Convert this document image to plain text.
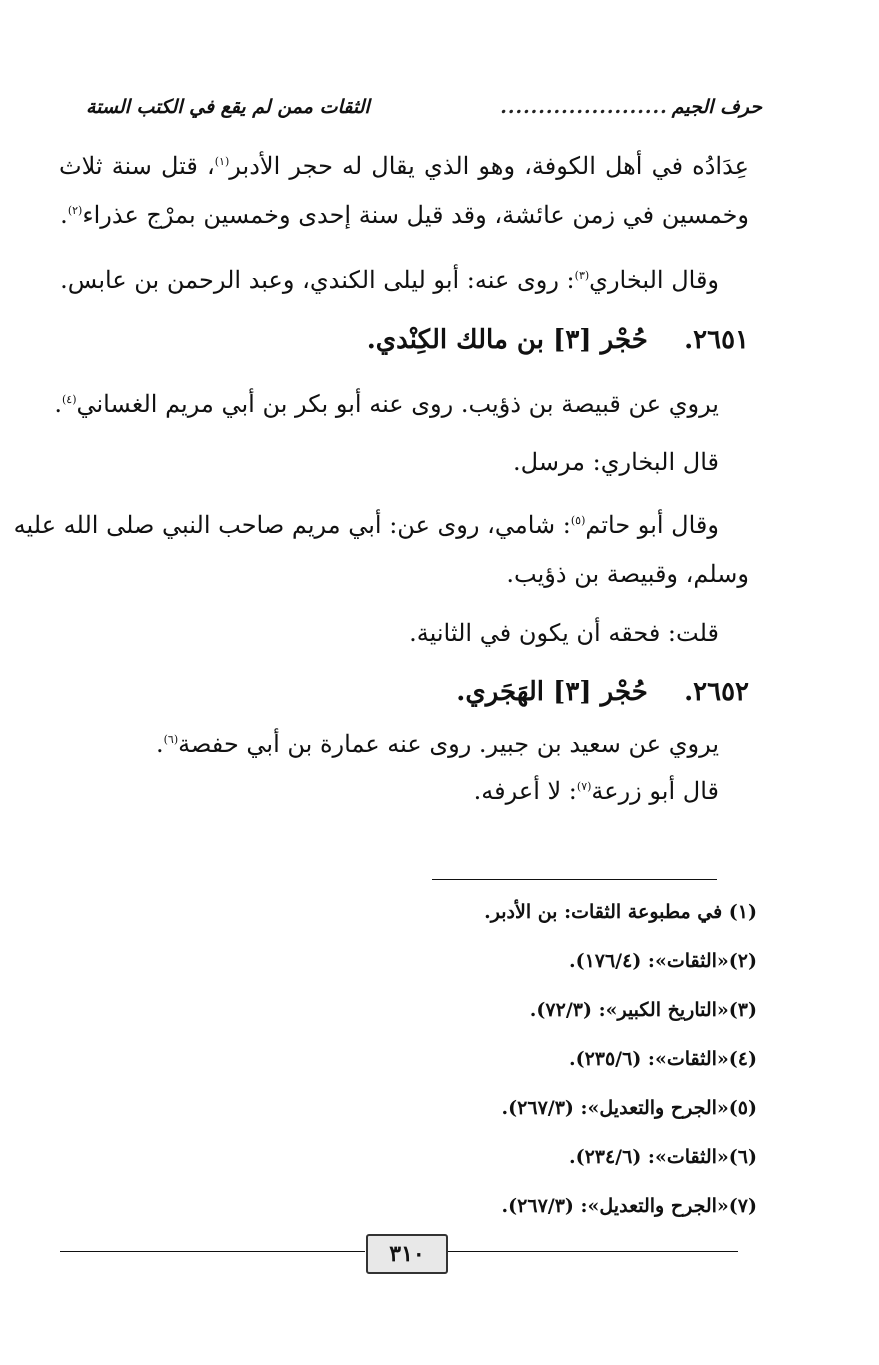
حرف الجيم
......................
الثقات ممن لم يقع في الكتب الستة
عِدَادُه في أهل الكوفة، وهو الذي يقال له حجر الأدبر$^{(١)}$، قتل سنة ثلاث
وخمسين في زمن عائشة، وقد قيل سنة إحدى وخمسين بمرْج عذراء$^{(٢)}$.
وقال البخاري$^{(٣)}$: روى عنه: أبو ليلى الكندي، وعبد الرحمن بن عابس.
٢٦٥١.    حُجْر [٣] بن مالك الكِنْدي.
يروي عن قبيصة بن ذؤيب. روى عنه أبو بكر بن أبي مريم الغساني$^{(٤)}$.
قال البخاري: مرسل.
وقال أبو حاتم$^{(٥)}$: شامي، روى عن: أبي مريم صاحب النبي صلى الله عليه
وسلم، وقبيصة بن ذؤيب.
قلت: فحقه أن يكون في الثانية.
٢٦٥٢.    حُجْر [٣] الهَجَري.
يروي عن سعيد بن جبير. روى عنه عمارة بن أبي حفصة$^{(٦)}$.
قال أبو زرعة$^{(٧)}$: لا أعرفه.
(١) في مطبوعة الثقات: بن الأدبر.
(٢)«الثقات»: (١٧٦/٤).
(٣)«التاريخ الكبير»: (٧٢/٣).
(٤)«الثقات»: (٢٣٥/٦).
(٥)«الجرح والتعديل»: (٢٦٧/٣).
(٦)«الثقات»: (٢٣٤/٦).
(٧)«الجرح والتعديل»: (٢٦٧/٣).
٣١٠
